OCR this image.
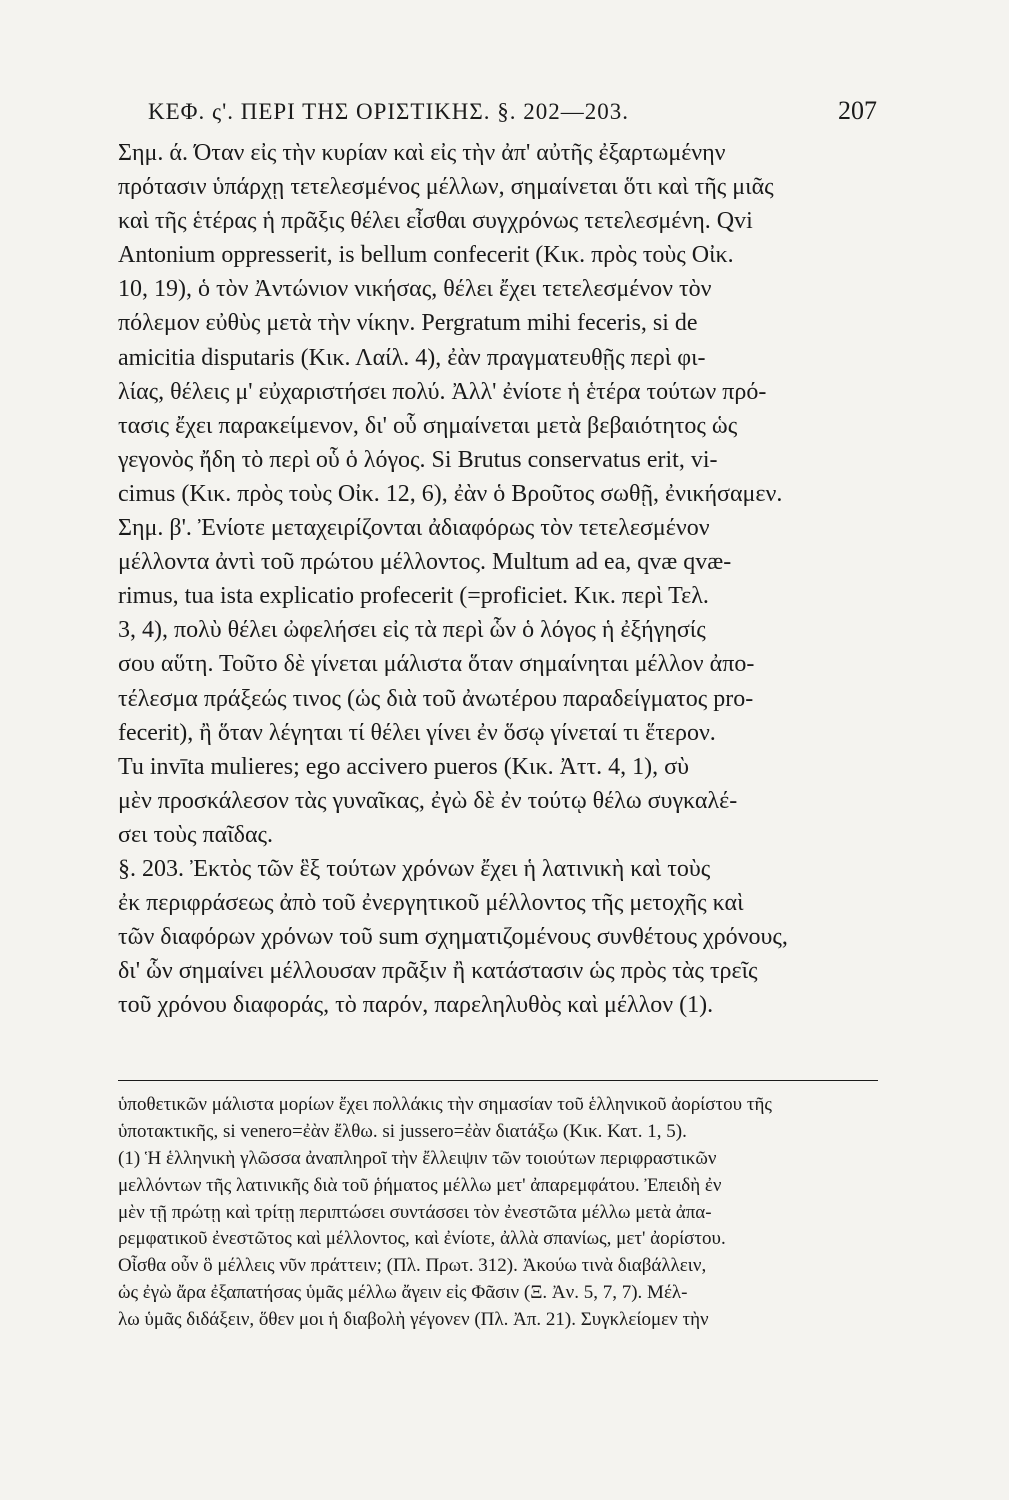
ΚΕΦ. ς'. ΠΕΡΙ ΤΗΣ ΟΡΙΣΤΙΚΗΣ. §. 202—203.	207
Σημ. ά. Όταν εἰς τὴν κυρίαν καὶ εἰς τὴν ἀπ' αὐτῆς ἐξαρτωμένην
πρότασιν ὑπάρχῃ τετελεσμένος μέλλων, σημαίνεται ὅτι καὶ τῆς μιᾶς
καὶ τῆς ἑτέρας ἡ πρᾶξις θέλει εἶσθαι συγχρόνως τετελεσμένη. Qvi
Antonium oppresserit, is bellum confecerit (Κικ. πρὸς τοὺς Οἰκ.
10, 19), ὁ τὸν Ἀντώνιον νικήσας, θέλει ἔχει τετελεσμένον τὸν
πόλεμον εὐθὺς μετὰ τὴν νίκην. Pergratum mihi feceris, si de
amicitia disputaris (Κικ. Λαίλ. 4), ἐὰν πραγματευθῇς περὶ φι-
λίας, θέλεις μ' εὐχαριστήσει πολύ. Ἀλλ' ἐνίοτε ἡ ἑτέρα τούτων πρό-
τασις ἔχει παρακείμενον, δι' οὗ σημαίνεται μετὰ βεβαιότητος ὡς
γεγονὸς ἤδη τὸ περὶ οὗ ὁ λόγος. Si Brutus conservatus erit, vi-
cimus (Κικ. πρὸς τοὺς Οἰκ. 12, 6), ἐὰν ὁ Βροῦτος σωθῇ, ἐνικήσαμεν.
Σημ. β'. Ἐνίοτε μεταχειρίζονται ἀδιαφόρως τὸν τετελεσμένον
μέλλοντα ἀντὶ τοῦ πρώτου μέλλοντος. Multum ad ea, qvæ qvæ-
rimus, tua ista explicatio profecerit (=proficiet. Κικ. περὶ Τελ.
3, 4), πολὺ θέλει ὠφελήσει εἰς τὰ περὶ ὧν ὁ λόγος ἡ ἐξήγησίς
σου αὕτη. Τοῦτο δὲ γίνεται μάλιστα ὅταν σημαίνηται μέλλον ἀπο-
τέλεσμα πράξεώς τινος (ὡς διὰ τοῦ ἀνωτέρου παραδείγματος pro-
fecerit), ἢ ὅταν λέγηται τί θέλει γίνει ἐν ὅσῳ γίνεταί τι ἕτερον.
Tu invīta mulieres; ego accivero pueros (Κικ. Ἀττ. 4, 1), σὺ
μὲν προσκάλεσον τὰς γυναῖκας, ἐγὼ δὲ ἐν τούτῳ θέλω συγκαλέ-
σει τοὺς παῖδας.
§. 203. Ἐκτὸς τῶν ἓξ τούτων χρόνων ἔχει ἡ λατινικὴ καὶ τοὺς
ἐκ περιφράσεως ἀπὸ τοῦ ἐνεργητικοῦ μέλλοντος τῆς μετοχῆς καὶ
τῶν διαφόρων χρόνων τοῦ sum σχηματιζομένους συνθέτους χρόνους,
δι' ὧν σημαίνει μέλλουσαν πρᾶξιν ἢ κατάστασιν ὡς πρὸς τὰς τρεῖς
τοῦ χρόνου διαφοράς, τὸ παρόν, παρεληλυθὸς καὶ μέλλον (1).
ὑποθετικῶν μάλιστα μορίων ἔχει πολλάκις τὴν σημασίαν τοῦ ἑλληνικοῦ ἀορίστου τῆς
ὑποτακτικῆς, si venero=ἐὰν ἔλθω. si jussero=ἐὰν διατάξω (Κικ. Κατ. 1, 5).
(1) Ἡ ἑλληνικὴ γλῶσσα ἀναπληροῖ τὴν ἔλλειψιν τῶν τοιούτων περιφραστικῶν
μελλόντων τῆς λατινικῆς διὰ τοῦ ῥήματος μέλλω μετ' ἀπαρεμφάτου. Ἐπειδὴ ἐν
μὲν τῇ πρώτῃ καὶ τρίτῃ περιπτώσει συντάσσει τὸν ἐνεστῶτα μέλλω μετὰ ἀπα-
ρεμφατικοῦ ἐνεστῶτος καὶ μέλλοντος, καὶ ἐνίοτε, ἀλλὰ σπανίως, μετ' ἀορίστου.
Οἶσθα οὖν ὃ μέλλεις νῦν πράττειν; (Πλ. Πρωτ. 312). Ἀκούω τινὰ διαβάλλειν,
ὡς ἐγὼ ἄρα ἐξαπατήσας ὑμᾶς μέλλω ἄγειν εἰς Φᾶσιν (Ξ. Ἀν. 5, 7, 7). Μέλ-
λω ὑμᾶς διδάξειν, ὅθεν μοι ἡ διαβολὴ γέγονεν (Πλ. Ἀπ. 21). Συγκλείομεν τὴν
